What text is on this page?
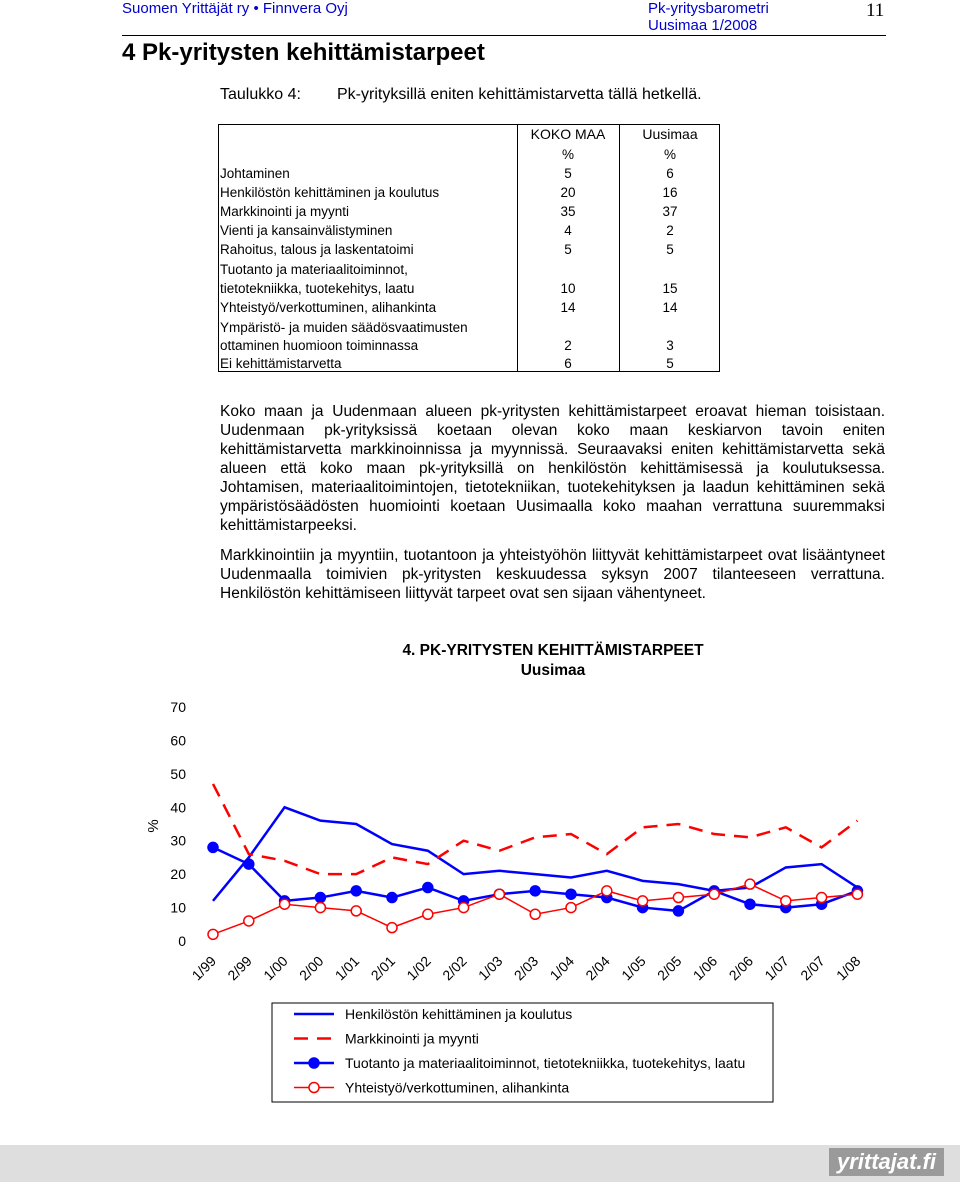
Suomen Yrittäjät ry • Finnvera Oyj	Pk-yritysbarometri
Uusimaa 1/2008
11
4 Pk-yritysten kehittämistarpeet
Taulukko 4: Pk-yrityksillä eniten kehittämistarvetta tällä hetkellä.
KOKO MAA	Uusimaa
%	%
Johtaminen	5	6
Henkilöstön kehittäminen ja koulutus	20	16
Markkinointi ja myynti	35	37
Vienti ja kansainvälistyminen	4	2
Rahoitus, talous ja laskentatoimi	5	5
Tuotanto ja materiaalitoiminnot,
tietotekniikka, tuotekehitys, laatu	10	15
Yhteistyö/verkottuminen, alihankinta	14	14
Ympäristö- ja muiden säädösvaatimusten
ottaminen huomioon toiminnassa	2	3
Ei kehittämistarvetta	6	5
Koko maan ja Uudenmaan alueen pk-yritysten kehittämistarpeet eroavat hieman toisistaan. Uudenmaan pk-yrityksissä koetaan olevan koko maan keskiarvon tavoin eniten kehittämistarvetta markkinoinnissa ja myynnissä. Seuraavaksi eniten kehittämistarvetta sekä alueen että koko maan pk-yrityksillä on henkilöstön kehittämisessä ja koulutuksessa. Johtamisen, materiaalitoimintojen, tietotekniikan, tuotekehityksen ja laadun kehittäminen sekä ympäristösäädösten huomiointi koetaan Uusimaalla koko maahan verrattuna suuremmaksi kehittämistarpeeksi.
Markkinointiin ja myyntiin, tuotantoon ja yhteistyöhön liittyvät kehittämistarpeet ovat lisääntyneet Uudenmaalla toimivien pk-yritysten keskuudessa syksyn 2007 tilanteeseen verrattuna. Henkilöstön kehittämiseen liittyvät tarpeet ovat sen sijaan vähentyneet.
4. PK-YRITYSTEN KEHITTÄMISTARPEET
Uusimaa
%
0
10
20
30
40
50
60
70
1/99 2/99 1/00 2/00 1/01 2/01 1/02 2/02 1/03 2/03 1/04 2/04 1/05 2/05 1/06 2/06 1/07 2/07 1/08
Henkilöstön kehittäminen ja koulutus
Markkinointi ja myynti
Tuotanto ja materiaalitoiminnot, tietotekniikka, tuotekehitys, laatu
Yhteistyö/verkottuminen, alihankinta
yrittajat.fi
